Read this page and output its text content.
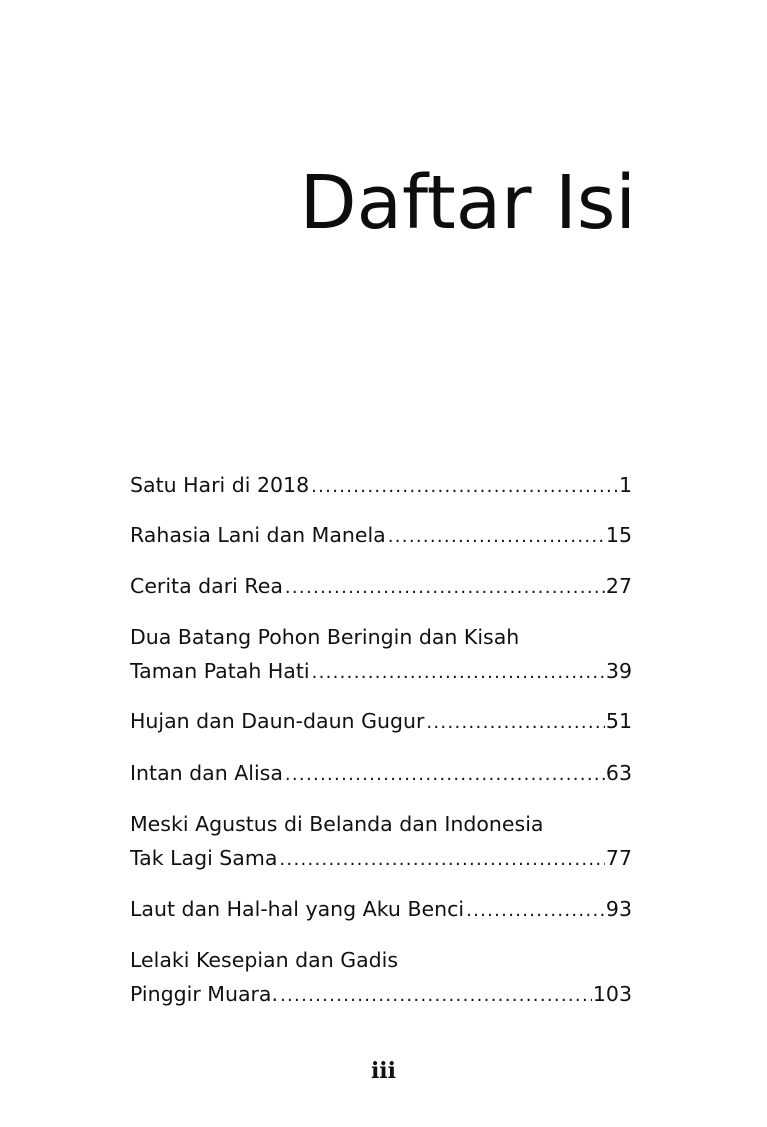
Daftar Isi
Satu Hari di 2018 .....	1
Rahasia Lani dan Manela .....	15
Cerita dari Rea .....	27
Dua Batang Pohon Beringin dan Kisah
Taman Patah Hati .....	39
Hujan dan Daun-daun Gugur .....	51
Intan dan Alisa .....	63
Meski Agustus di Belanda dan Indonesia
Tak Lagi Sama .....	77
Laut dan Hal-hal yang Aku Benci .....	93
Lelaki Kesepian dan Gadis
Pinggir Muara. .....	103
iii
